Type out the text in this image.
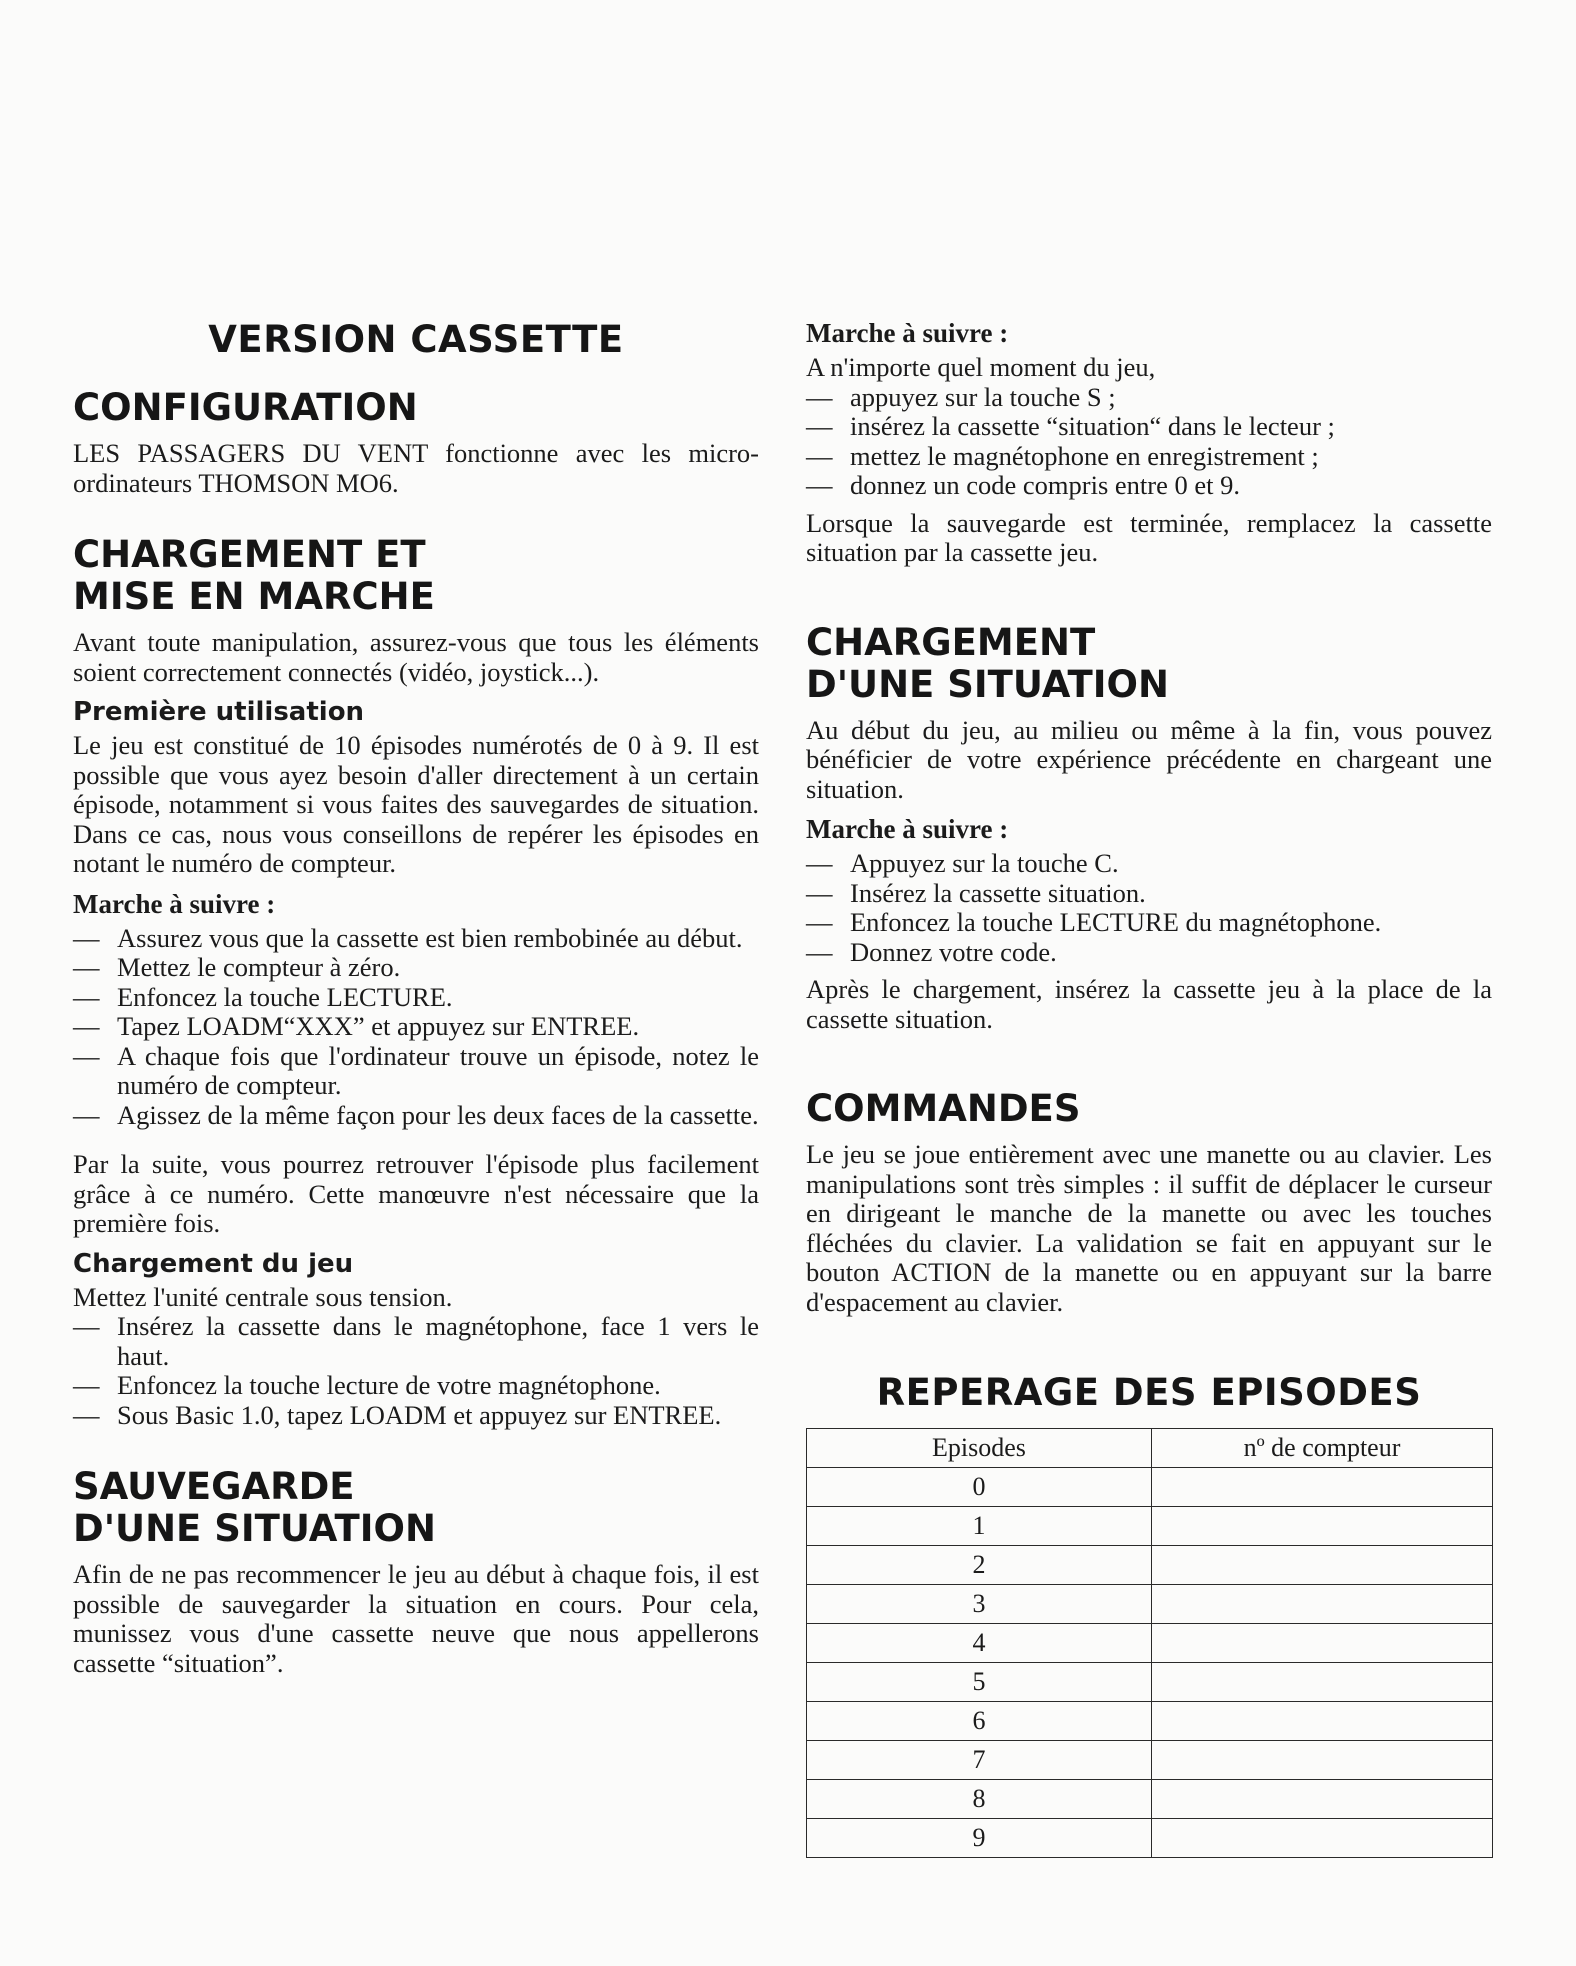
VERSION CASSETTE
CONFIGURATION

LES PASSAGERS DU VENT fonctionne avec les micro-ordinateurs THOMSON MO6.

CHARGEMENT ET
MISE EN MARCHE

Avant toute manipulation, assurez-vous que tous les éléments soient correctement connectés (vidéo, joystick...).

Première utilisation

Le jeu est constitué de 10 épisodes numérotés de 0 à 9. Il est possible que vous ayez besoin d'aller directement à un certain épisode, notamment si vous faites des sauvegardes de situation. Dans ce cas, nous vous conseillons de repérer les épisodes en notant le numéro de compteur.

Marche à suivre :
— Assurez vous que la cassette est bien rembobinée au début.
— Mettez le compteur à zéro.
— Enfoncez la touche LECTURE.
— Tapez LOADM“XXX” et appuyez sur ENTREE.
— A chaque fois que l'ordinateur trouve un épisode, notez le numéro de compteur.
— Agissez de la même façon pour les deux faces de la cassette.

Par la suite, vous pourrez retrouver l'épisode plus facilement grâce à ce numéro. Cette manœuvre n'est nécessaire que la première fois.

Chargement du jeu

Mettez l'unité centrale sous tension.

— Insérez la cassette dans le magnétophone, face 1 vers le haut.
— Enfoncez la touche lecture de votre magnétophone.
— Sous Basic 1.0, tapez LOADM et appuyez sur ENTREE.
SAUVEGARDE
D'UNE SITUATION

Afin de ne pas recommencer le jeu au début à chaque fois, il est possible de sauvegarder la situation en cours. Pour cela, munissez vous d'une cassette neuve que nous appellerons cassette “situation”.

Marche à suivre :

A n'importe quel moment du jeu,

— appuyez sur la touche S ;
— insérez la cassette “situation“ dans le lecteur ;
— mettez le magnétophone en enregistrement ;
— donnez un code compris entre 0 et 9.

Lorsque la sauvegarde est terminée, remplacez la cassette situation par la cassette jeu.

CHARGEMENT
D'UNE SITUATION

Au début du jeu, au milieu ou même à la fin, vous pouvez bénéficier de votre expérience précédente en chargeant une situation.

Marche à suivre :
— Appuyez sur la touche C.
— Insérez la cassette situation.
— Enfoncez la touche LECTURE du magnétophone.
— Donnez votre code.

Après le chargement, insérez la cassette jeu à la place de la cassette situation.

COMMANDES

Le jeu se joue entièrement avec une manette ou au clavier. Les manipulations sont très simples : il suffit de déplacer le curseur en dirigeant le manche de la manette ou avec les touches fléchées du clavier. La validation se fait en appuyant sur le bouton ACTION de la manette ou en appuyant sur la barre d'espacement au clavier.

REPERAGE DES EPISODES
Episodes	nº de compteur
0	
1	
2	
3	
4	
5	
6	
7	
8	
9	
